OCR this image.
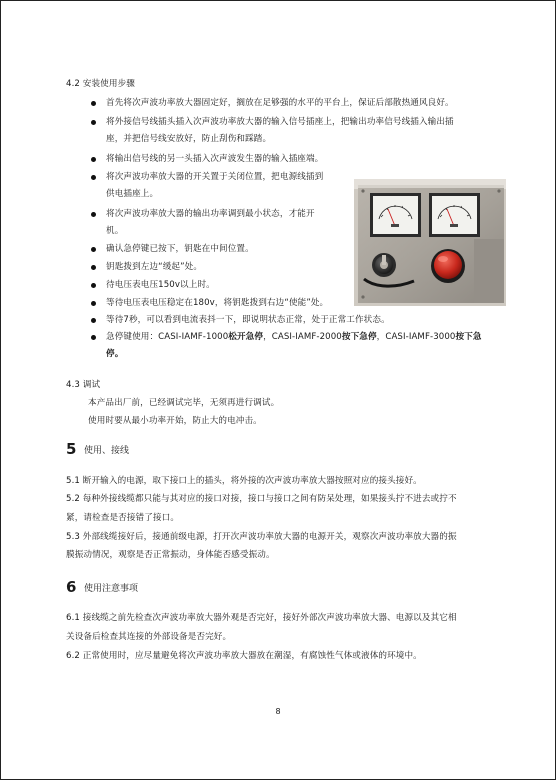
4.2 安装使用步骤
首先将次声波功率放大器固定好，搁放在足够强的水平的平台上，保证后部散热通风良好。
将外接信号线插头插入次声波功率放大器的输入信号插座上，把输出功率信号线插入输出插
座，并把信号线安放好，防止刮伤和踩踏。
将输出信号线的另一头插入次声波发生器的输入插座端。
将次声波功率放大器的开关置于关闭位置，把电源线插到
供电插座上。
将次声波功率放大器的输出功率调到最小状态，才能开
机。
确认急停键已按下，钥匙在中间位置。
钥匙拨到左边“缓起”处。
待电压表电压150v以上时。
等待电压表电压稳定在180v，将钥匙拨到右边“使能”处。
等待7秒，可以看到电流表抖一下，即说明状态正常，处于正常工作状态。
急停键使用：CASI-IAMF-1000松开急停，CASI-IAMF-2000按下急停，CASI-IAMF-3000按下急
停。
4.3 调试
本产品出厂前，已经调试完毕，无须再进行调试。
使用时要从最小功率开始，防止大的电冲击。
5 使用、接线
5.1 断开输入的电源，取下接口上的插头，将外接的次声波功率放大器按照对应的接头接好。
5.2 每种外接线缆都只能与其对应的接口对接，接口与接口之间有防呆处理，如果接头拧不进去或拧不
紧，请检查是否接错了接口。
5.3 外部线缆接好后，接通前级电源，打开次声波功率放大器的电源开关，观察次声波功率放大器的振
膜振动情况，观察是否正常振动，身体能否感受振动。
6 使用注意事项
6.1 接线缆之前先检查次声波功率放大器外观是否完好，接好外部次声波功率放大器、电源以及其它相
关设备后检查其连接的外部设备是否完好。
6.2 正常使用时，应尽量避免将次声波功率放大器放在潮湿，有腐蚀性气体或液体的环境中。
8
